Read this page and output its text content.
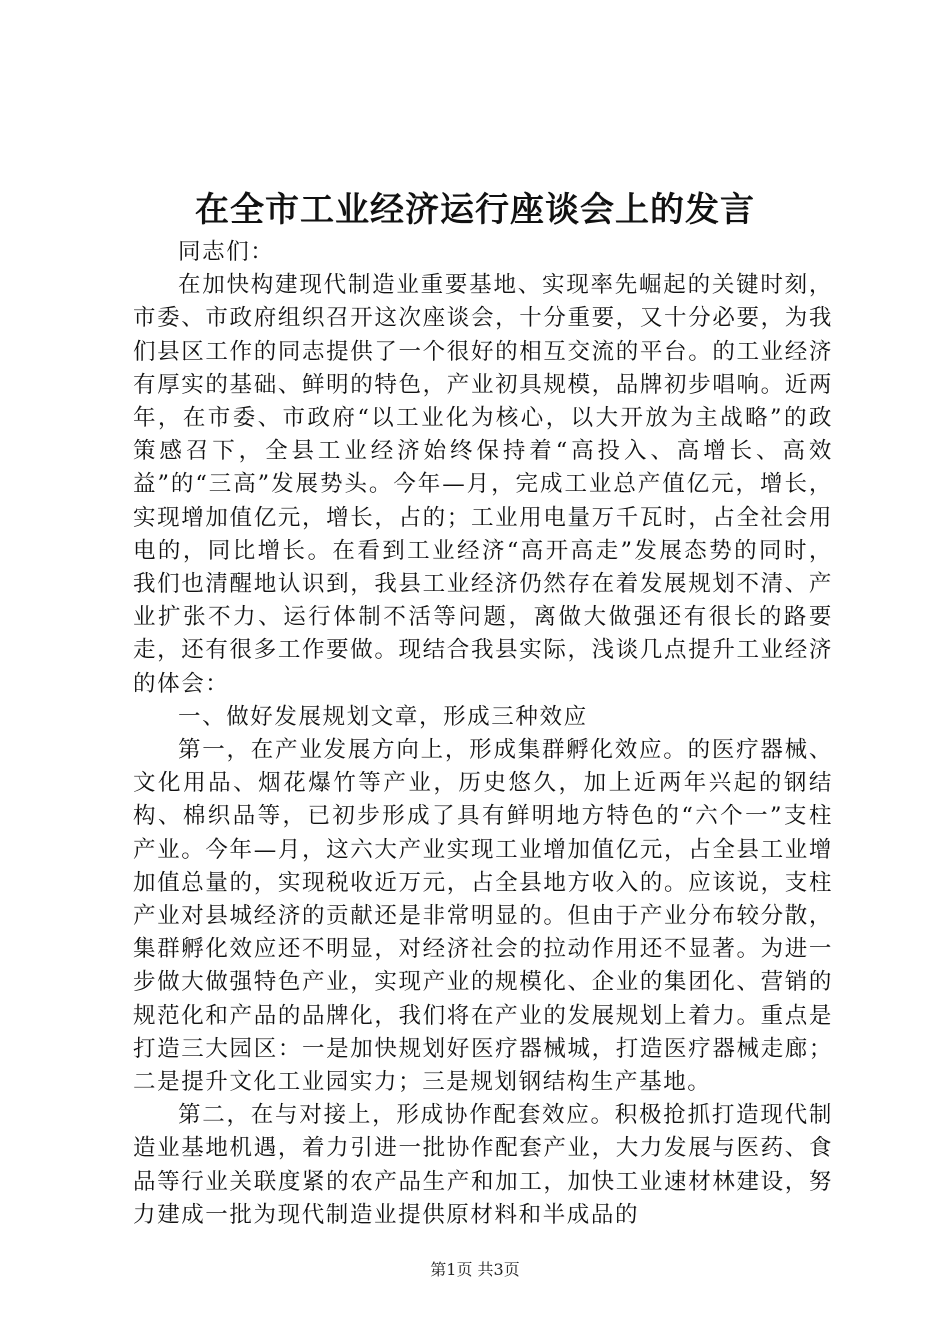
在全市工业经济运行座谈会上的发言

同志们：

在加快构建现代制造业重要基地、实现率先崛起的关键时刻，市委、市政府组织召开这次座谈会，十分重要，又十分必要，为我们县区工作的同志提供了一个很好的相互交流的平台。的工业经济有厚实的基础、鲜明的特色，产业初具规模，品牌初步唱响。近两年，在市委、市政府“以工业化为核心，以大开放为主战略”的政策感召下，全县工业经济始终保持着“高投入、高增长、高效益”的“三高”发展势头。今年—月，完成工业总产值亿元，增长，实现增加值亿元，增长，占的；工业用电量万千瓦时，占全社会用电的，同比增长。在看到工业经济“高开高走”发展态势的同时，我们也清醒地认识到，我县工业经济仍然存在着发展规划不清、产业扩张不力、运行体制不活等问题，离做大做强还有很长的路要走，还有很多工作要做。现结合我县实际，浅谈几点提升工业经济的体会：

一、做好发展规划文章，形成三种效应

第一，在产业发展方向上，形成集群孵化效应。的医疗器械、文化用品、烟花爆竹等产业，历史悠久，加上近两年兴起的钢结构、棉织品等，已初步形成了具有鲜明地方特色的“六个一”支柱产业。今年—月，这六大产业实现工业增加值亿元，占全县工业增加值总量的，实现税收近万元，占全县地方收入的。应该说，支柱产业对县城经济的贡献还是非常明显的。但由于产业分布较分散，集群孵化效应还不明显，对经济社会的拉动作用还不显著。为进一步做大做强特色产业，实现产业的规模化、企业的集团化、营销的规范化和产品的品牌化，我们将在产业的发展规划上着力。重点是打造三大园区：一是加快规划好医疗器械城，打造医疗器械走廊；二是提升文化工业园实力；三是规划钢结构生产基地。

第二，在与对接上，形成协作配套效应。积极抢抓打造现代制造业基地机遇，着力引进一批协作配套产业，大力发展与医药、食品等行业关联度紧的农产品生产和加工，加快工业速材林建设，努力建成一批为现代制造业提供原材料和半成品的

第1页 共3页
